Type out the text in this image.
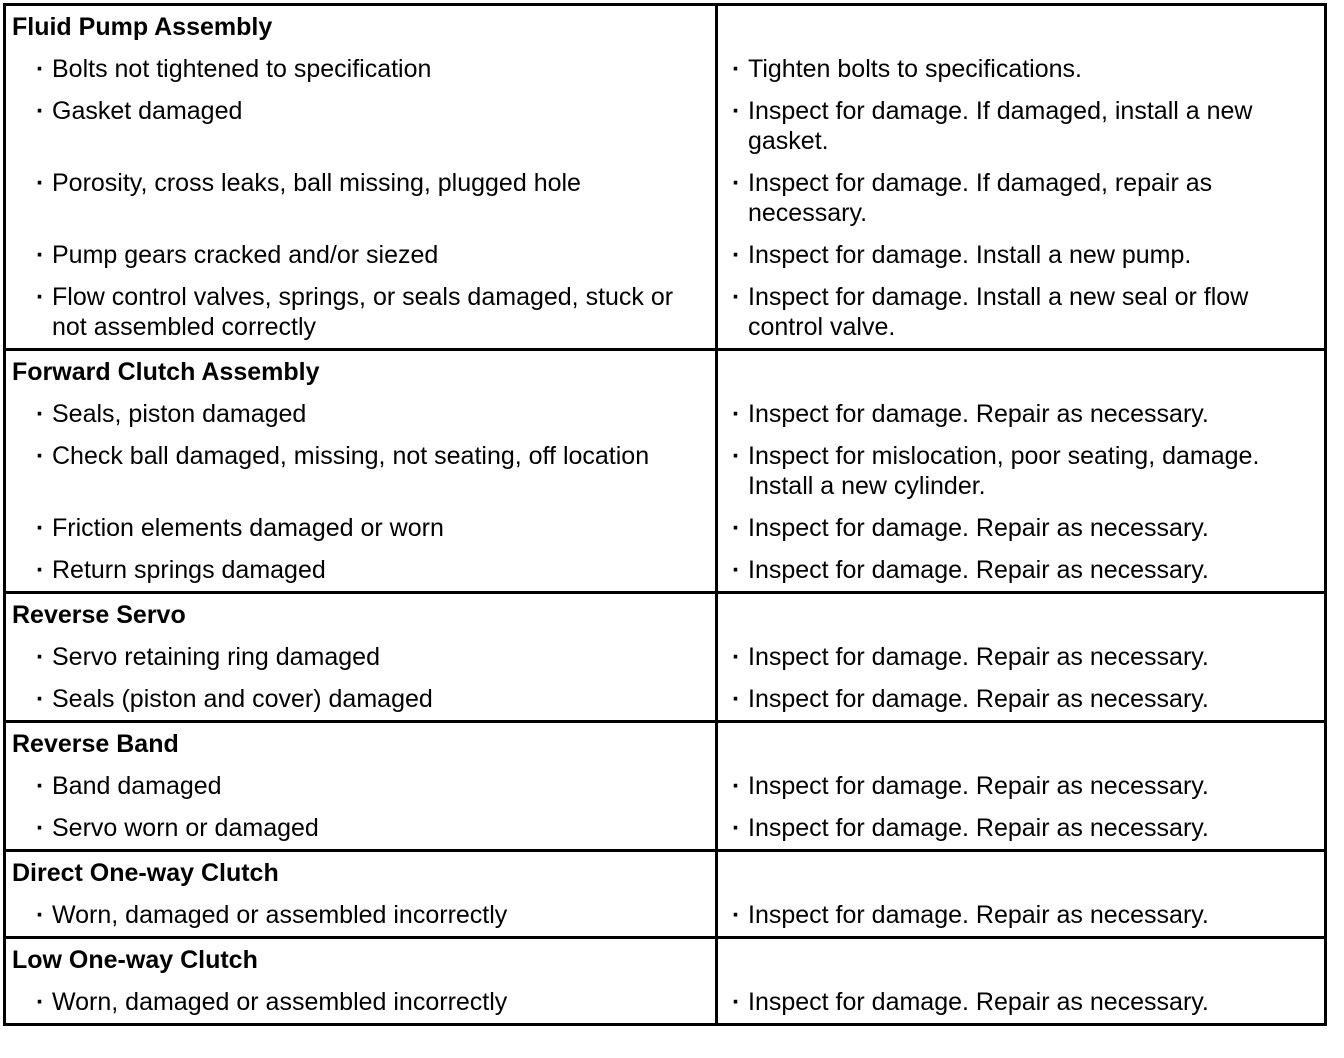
Fluid Pump Assembly
· Bolts not tightened to specification
· Gasket damaged
· Porosity, cross leaks, ball missing, plugged hole
· Pump gears cracked and/or siezed
· Flow control valves, springs, or seals damaged, stuck or not assembled correctly
· Tighten bolts to specifications.
· Inspect for damage. If damaged, install a new gasket.
· Inspect for damage. If damaged, repair as necessary.
· Inspect for damage. Install a new pump.
· Inspect for damage. Install a new seal or flow control valve.
Forward Clutch Assembly
· Seals, piston damaged
· Check ball damaged, missing, not seating, off location
· Friction elements damaged or worn
· Return springs damaged
· Inspect for damage. Repair as necessary.
· Inspect for mislocation, poor seating, damage. Install a new cylinder.
· Inspect for damage. Repair as necessary.
· Inspect for damage. Repair as necessary.
Reverse Servo
· Servo retaining ring damaged
· Seals (piston and cover) damaged
· Inspect for damage. Repair as necessary.
· Inspect for damage. Repair as necessary.
Reverse Band
· Band damaged
· Servo worn or damaged
· Inspect for damage. Repair as necessary.
· Inspect for damage. Repair as necessary.
Direct One-way Clutch
· Worn, damaged or assembled incorrectly	· Inspect for damage. Repair as necessary.
Low One-way Clutch
· Worn, damaged or assembled incorrectly	· Inspect for damage. Repair as necessary.
